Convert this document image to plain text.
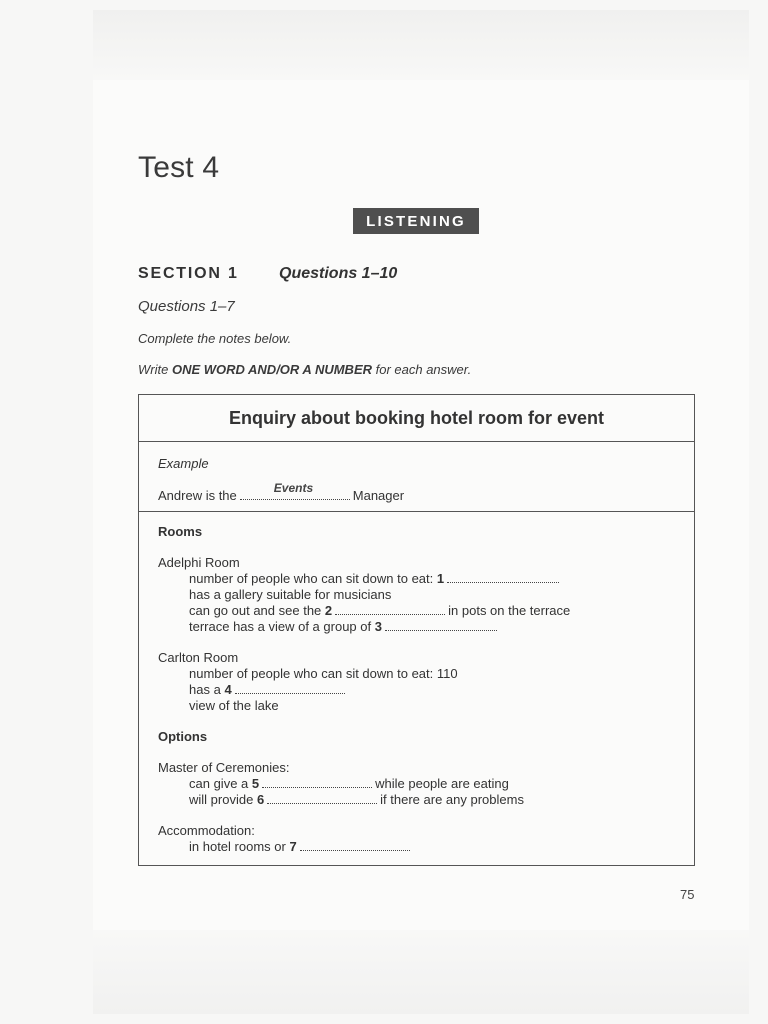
Test 4
LISTENING
SECTION 1	Questions 1–10
Questions 1–7
Complete the notes below.
Write ONE WORD AND/OR A NUMBER for each answer.
Enquiry about booking hotel room for event
Example
Andrew is the	Events	Manager
Rooms
Adelphi Room
number of people who can sit down to eat: 1
has a gallery suitable for musicians
can go out and see the 2	in pots on the terrace
terrace has a view of a group of 3
Carlton Room
number of people who can sit down to eat: 110
has a 4
view of the lake
Options
Master of Ceremonies:
can give a 5	while people are eating
will provide 6	if there are any problems
Accommodation:
in hotel rooms or 7
75
